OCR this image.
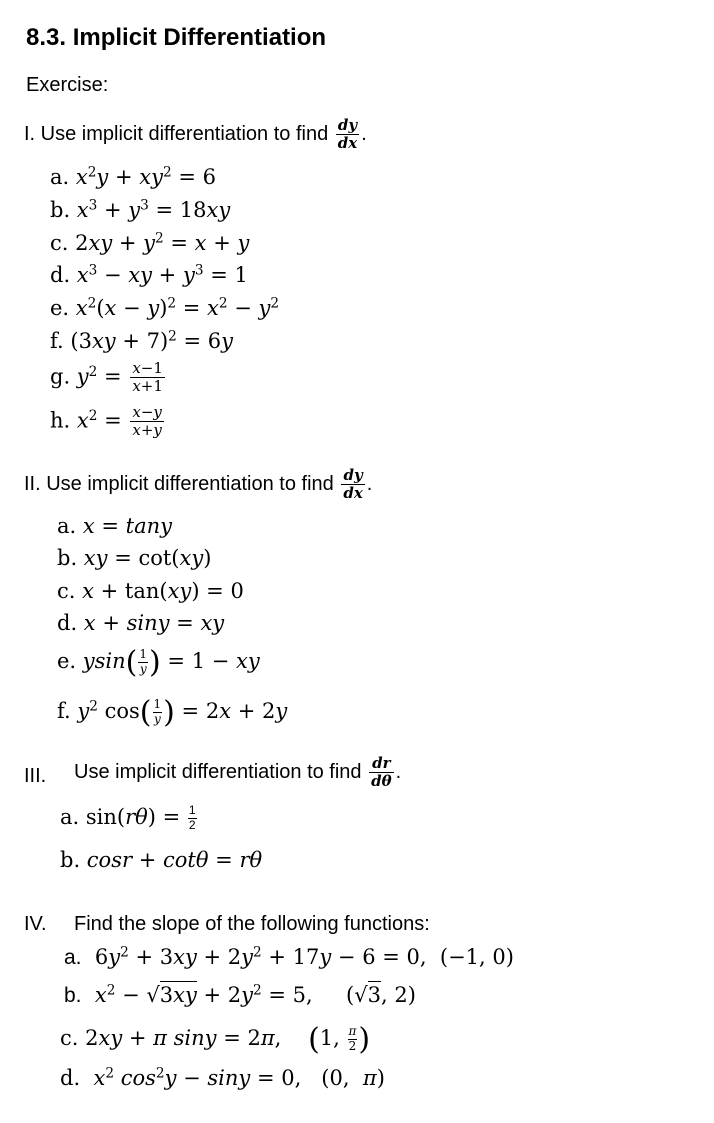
8.3. Implicit Differentiation
Exercise:
I. Use implicit differentiation to find $\frac{dy}{dx}$ .
a. $x^2y + xy^2 = 6$
b. $x^3 + y^3 = 18xy$
c. $2xy + y^2 = x + y$
d. $x^3$ − xy + $y^3 = 1$
e. $x^2(x - y)^2 = x^2 - y^2$
f. $(3xy + 7)^2 = 6y$
g. $y^2 = \frac{x-1}{x+1}$
h. $x^2 = \frac{x-y}{x+y}$
II. Use implicit differentiation to find $\frac{dy}{dx}$ .
a. x = tany
b. xy = cot(xy)
c. x + tan(xy) = 0
d. x + siny = xy
e. $ysin( \frac{1}{y}$ ) = 1 − xy
f. $y^2$ $\cos( \frac{1}{y}$ ) = 2x + 2y
III. Use implicit differentiation to find $\frac{dr}{d\theta}$ .
a. $\sin(r\theta) = \frac{1}{2}$
b. cosr + cotθ = rθ
IV. Find the slope of the following functions:
a.  $6y^2 + 3xy + 2y^2 + 17y - 6 = 0$,  (−1, 0)
b. $x^2 - √3xy + 2y^2 = 5$,     (√3, 2)
c. 2xy + π siny = 2π,    (1, $\frac{\pi}{2}$ )
d.  $x^2$ $\cos^2y - \sin y = 0$,   (0,  π)
